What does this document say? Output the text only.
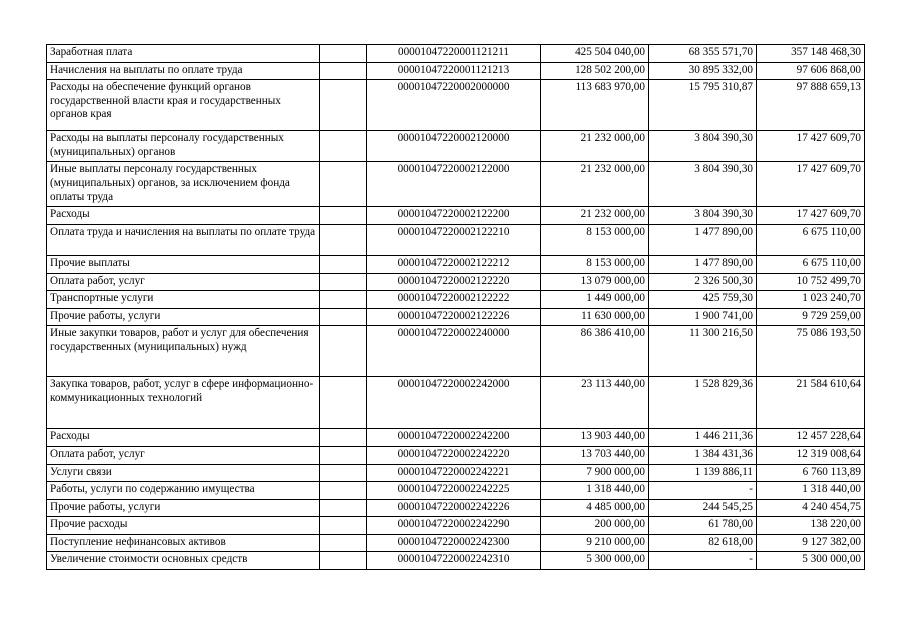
Заработная плата		00001047220001121211	425 504 040,00	68 355 571,70	357 148 468,30
Начисления на выплаты по оплате труда		00001047220001121213	128 502 200,00	30 895 332,00	97 606 868,00
Расходы на обеспечение функций органов государственной власти края и государственных органов края		00001047220002000000	113 683 970,00	15 795 310,87	97 888 659,13
Расходы на выплаты персоналу государственных (муниципальных) органов		00001047220002120000	21 232 000,00	3 804 390,30	17 427 609,70
Иные выплаты персоналу государственных (муниципальных) органов, за исключением фонда оплаты труда		00001047220002122000	21 232 000,00	3 804 390,30	17 427 609,70
Расходы		00001047220002122200	21 232 000,00	3 804 390,30	17 427 609,70
Оплата труда и начисления на выплаты по оплате труда		00001047220002122210	8 153 000,00	1 477 890,00	6 675 110,00
Прочие выплаты		00001047220002122212	8 153 000,00	1 477 890,00	6 675 110,00
Оплата работ, услуг		00001047220002122220	13 079 000,00	2 326 500,30	10 752 499,70
Транспортные услуги		00001047220002122222	1 449 000,00	425 759,30	1 023 240,70
Прочие работы, услуги		00001047220002122226	11 630 000,00	1 900 741,00	9 729 259,00
Иные закупки товаров, работ и услуг для обеспечения государственных (муниципальных) нужд		00001047220002240000	86 386 410,00	11 300 216,50	75 086 193,50
Закупка товаров, работ, услуг в сфере информационно-коммуникационных технологий		00001047220002242000	23 113 440,00	1 528 829,36	21 584 610,64
Расходы		00001047220002242200	13 903 440,00	1 446 211,36	12 457 228,64
Оплата работ, услуг		00001047220002242220	13 703 440,00	1 384 431,36	12 319 008,64
Услуги связи		00001047220002242221	7 900 000,00	1 139 886,11	6 760 113,89
Работы, услуги по содержанию имущества		00001047220002242225	1 318 440,00	-	1 318 440,00
Прочие работы, услуги		00001047220002242226	4 485 000,00	244 545,25	4 240 454,75
Прочие расходы		00001047220002242290	200 000,00	61 780,00	138 220,00
Поступление нефинансовых активов		00001047220002242300	9 210 000,00	82 618,00	9 127 382,00
Увеличение стоимости основных средств		00001047220002242310	5 300 000,00	-	5 300 000,00
